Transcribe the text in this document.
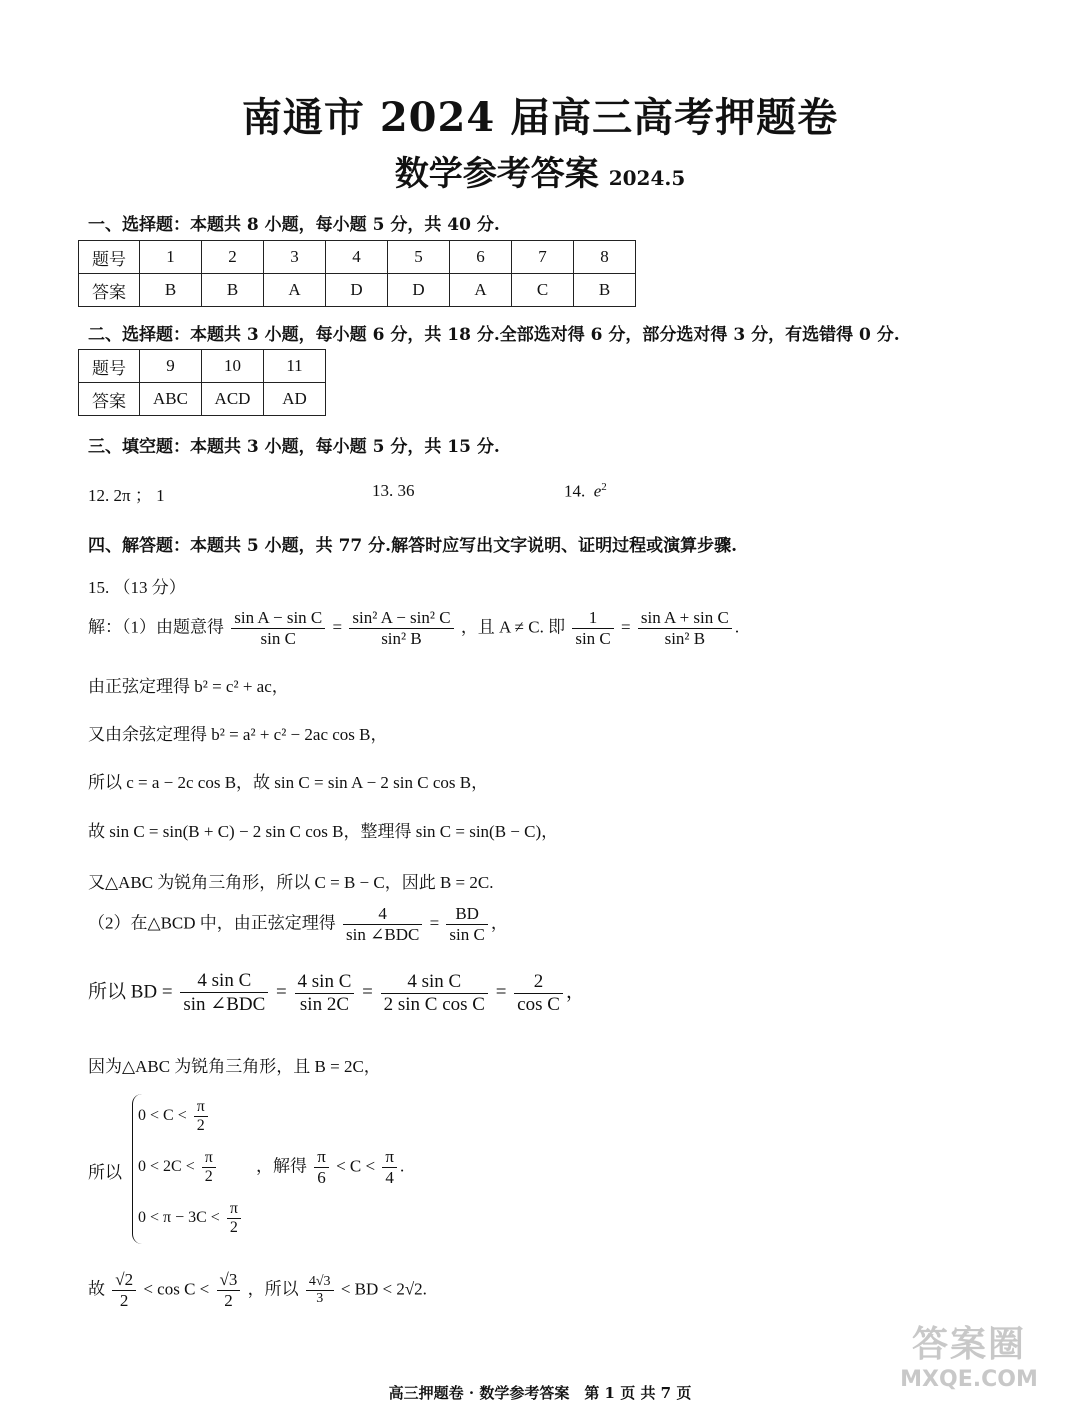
南通市 2024 届高三高考押题卷
数学参考答案 2024.5
一、选择题：本题共 8 小题，每小题 5 分，共 40 分.
题号	1	2	3	4	5	6	7	8
答案	B	B	A	D	D	A	C	B
二、选择题：本题共 3 小题，每小题 6 分，共 18 分.全部选对得 6 分，部分选对得 3 分，有选错得 0 分.
题号	9	10	11
答案	ABC	ACD	AD
三、填空题：本题共 3 小题，每小题 5 分，共 15 分.
12. 2π ； 1	13. 36	14. $e^2$
四、解答题：本题共 5 小题，共 77 分.解答时应写出文字说明、证明过程或演算步骤.
15. （13 分）
解：（1）由题意得 $\frac{\text{sin A − sin C}}{\text{sin C}} = \frac{\text{sin² A − sin² C}}{\text{sin² B}}$ ，且 A ≠ C. 即 $\frac{1}{\text{sin C}} = \frac{\text{sin A + sin C}}{\text{sin² B}}$ .
由正弦定理得 b² = c² + ac，
又由余弦定理得 b² = a² + c² − 2ac cos B，
所以 c = a − 2c cos B，故 sin C = sin A − 2 sin C cos B，
故 sin C = sin(B + C) − 2 sin C cos B，整理得 sin C = sin(B − C)，
又△ABC 为锐角三角形，所以 C = B − C，因此 B = 2C.
（2）在△BCD 中，由正弦定理得 $\frac{4}{\text{sin ∠BDC}} = \frac{BD}{\text{sin C}}$ ，
所以 BD = $\frac{\text{4 sin C}}{\text{sin ∠BDC}} = \frac{\text{4 sin C}}{\sin 2C} = \frac{\text{4 sin C}}{\text{2 sin C cos C}} = \frac{2}{\text{cos C}}$ ，
因为△ABC 为锐角三角形，且 B = 2C，
所以
$0 < C < \frac{\pi}{2}$
$0 < 2C < \frac{\pi}{2}$
$0 < \pi - 3C < \frac{\pi}{2}$
，解得 $\frac{\pi}{6} < C < \frac{\pi}{4}$ .
故 $\frac{√2}{2} < \cos C < \frac{√3}{2}$ ，所以 $\frac{4√3}{3}$ < BD < 2√2.
高三押题卷 · 数学参考答案　第 1 页 共 7 页
答案圈
MXQE.COM
